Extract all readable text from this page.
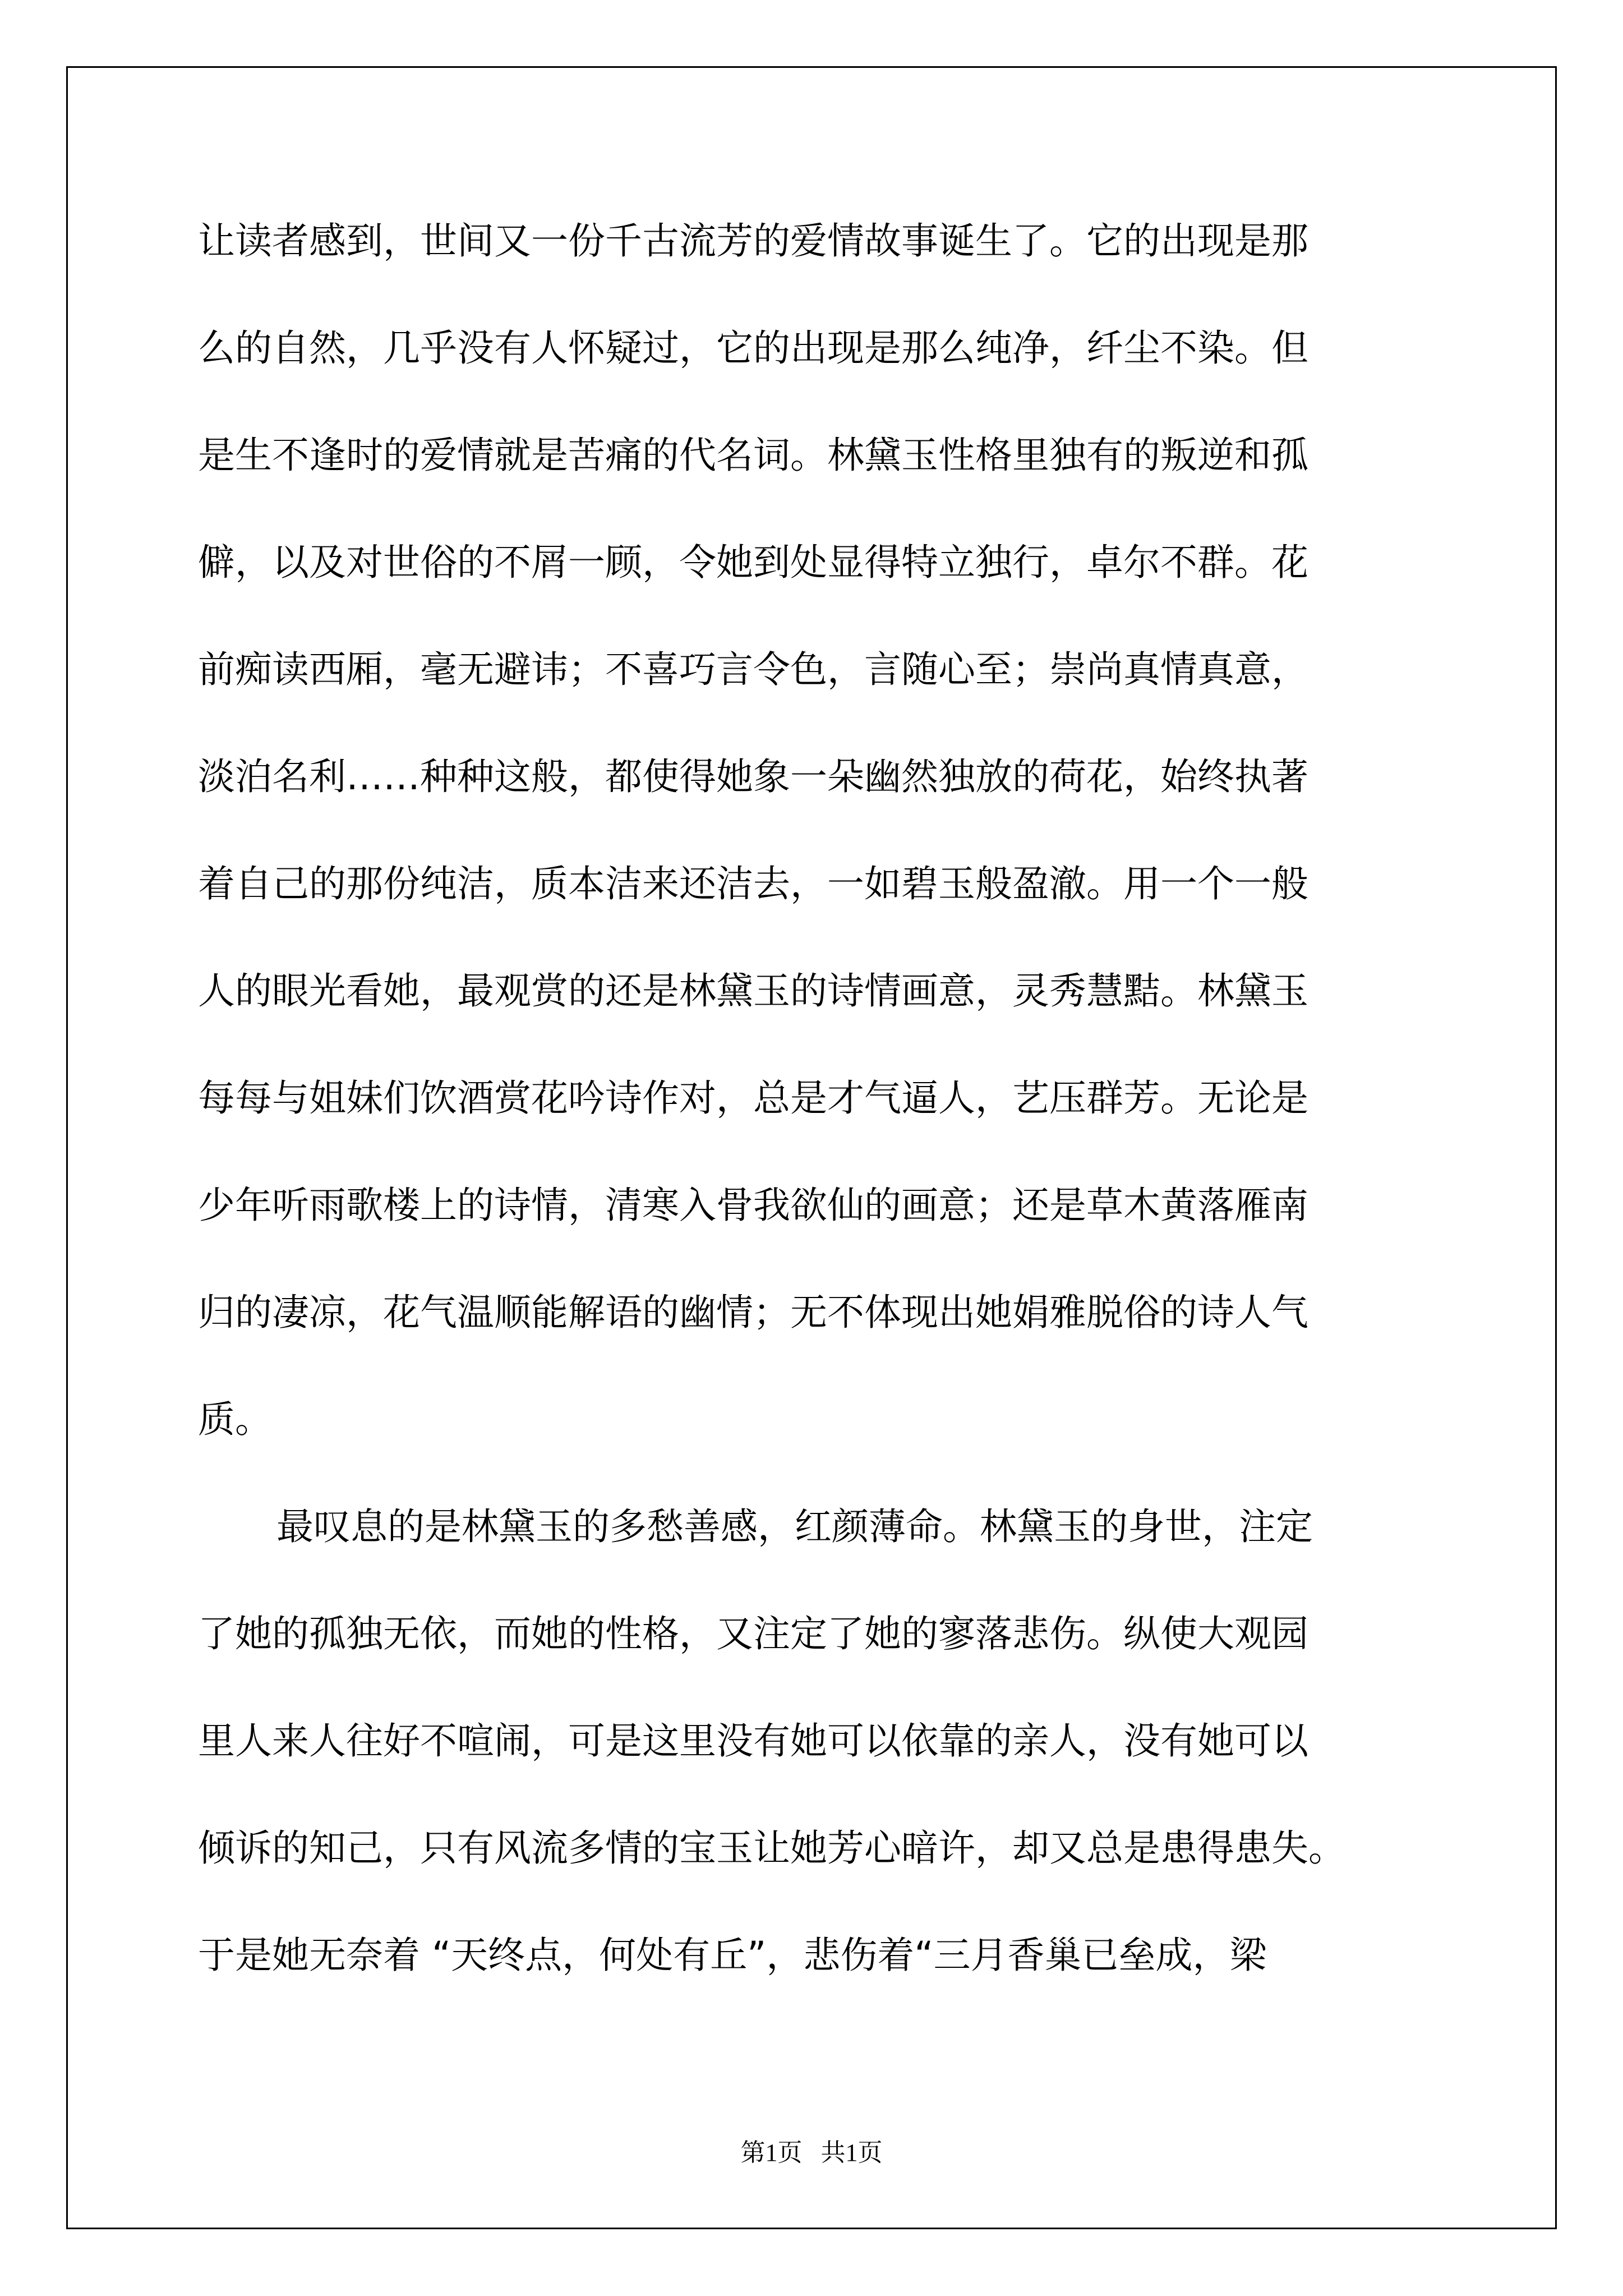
让读者感到，世间又一份千古流芳的爱情故事诞生了。它的出现是那
么的自然，几乎没有人怀疑过，它的出现是那么纯净，纤尘不染。但
是生不逢时的爱情就是苦痛的代名词。林黛玉性格里独有的叛逆和孤
僻，以及对世俗的不屑一顾，令她到处显得特立独行，卓尔不群。花
前痴读西厢，毫无避讳；不喜巧言令色，言随心至；崇尚真情真意，
淡泊名利……种种这般，都使得她象一朵幽然独放的荷花，始终执著
着自己的那份纯洁，质本洁来还洁去，一如碧玉般盈澈。用一个一般
人的眼光看她，最观赏的还是林黛玉的诗情画意，灵秀慧黠。林黛玉
每每与姐妹们饮酒赏花吟诗作对，总是才气逼人，艺压群芳。无论是
少年听雨歌楼上的诗情，清寒入骨我欲仙的画意；还是草木黄落雁南
归的凄凉，花气温顺能解语的幽情；无不体现出她娟雅脱俗的诗人气
质。
最叹息的是林黛玉的多愁善感，红颜薄命。林黛玉的身世，注定
了她的孤独无依，而她的性格，又注定了她的寥落悲伤。纵使大观园
里人来人往好不喧闹，可是这里没有她可以依靠的亲人，没有她可以
倾诉的知己，只有风流多情的宝玉让她芳心暗许，却又总是患得患失。
于是她无奈着 “天终点，何处有丘”，悲伤着“三月香巢已垒成，梁
第1页   共1页
